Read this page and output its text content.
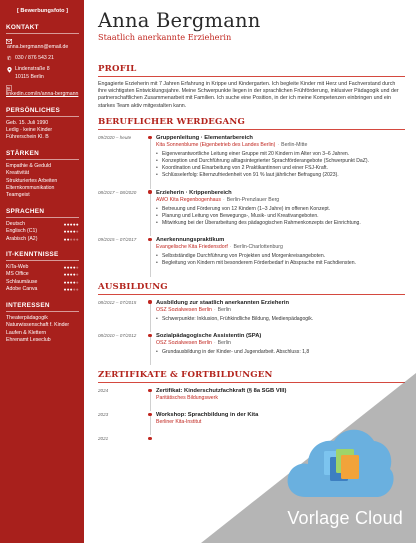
[ Bewerbungsfoto ]
KONTAKT
anna.bergmann@email.de
✆ 030 / 876 543 21
Lindenstraße 8
10115 Berlin
in
linkedin.com/in/anna-bergmann
PERSÖNLICHES
Geb. 15. Juli 1990
Ledig · keine Kinder
Führerschein Kl. B
STÄRKEN
Empathie & Geduld
Kreativität
Strukturiertes Arbeiten
Elternkommunikation
Teamgeist
SPRACHEN
Deutsch	●●●●●
Englisch (C1)	●●●●●
Arabisch (A2)	●●●●●
IT-KENNTNISSE
KiTa-Web	●●●●●
MS Office	●●●●●
Schlaumäuse	●●●●●
Adobe Canva	●●●●●
INTERESSEN
Theaterpädagogik
Naturwissenschaft f. Kinder
Laufen & Klettern
Ehrenamt Leseclub
Anna Bergmann
Staatlich anerkannte Erzieherin
PROFIL
Engagierte Erzieherin mit 7 Jahren Erfahrung in Krippe und Kindergarten. Ich begleite Kinder mit Herz und Fachverstand durch ihre wichtigsten Entwicklungsjahre. Meine Schwerpunkte liegen in der sprachlichen Frühförderung, inklusiver Pädagogik und der partnerschaftlichen Zusammenarbeit mit Familien. Ich suche eine Position, in der ich meine Kompetenzen einbringen und ein starkes Team aktiv mitgestalten kann.
BERUFLICHER WERDEGANG
09/2020 – heute	Gruppenleitung · Elementarbereich
Kita Sonnenblume (Eigenbetrieb des Landes Berlin) · Berlin-Mitte
• Eigenverantwortliche Leitung einer Gruppe mit 20 Kindern im Alter von 3–6 Jahren.
• Konzeption und Durchführung alltagsintegrierter Sprachförderangebote (Schwerpunkt DaZ).
• Koordination und Einarbeitung von 2 Praktikantinnen und einer FSJ-Kraft.
• Schlüsselerfolg: Elternzufriedenheit von 91 % laut jährlicher Befragung (2023).
08/2017 – 08/2020	Erzieherin · Krippenbereich
AWO Kita Regenbogenhaus · Berlin-Prenzlauer Berg
• Betreuung und Förderung von 12 Kindern (1–3 Jahre) im offenen Konzept.
• Planung und Leitung von Bewegungs-, Musik- und Kreativangeboten.
• Mitwirkung bei der Überarbeitung des pädagogischen Rahmenkonzepts der Einrichtung.
09/2015 – 07/2017	Anerkennungspraktikum
Evangelische Kita Friedensdorf · Berlin-Charlottenburg
• Selbstständige Durchführung von Projekten und Morgenkreisangeboten.
• Begleitung von Kindern mit besonderem Förderbedarf in Absprache mit Fachdiensten.
AUSBILDUNG
08/2012 – 07/2015	Ausbildung zur staatlich anerkannten Erzieherin
OSZ Sozialwesen Berlin · Berlin
• Schwerpunkte: Inklusion, Frühkindliche Bildung, Medienpädagogik.
08/2010 – 07/2012	Sozialpädagogische Assistentin (SPA)
OSZ Sozialwesen Berlin · Berlin
• Grundausbildung in der Kinder- und Jugendarbeit. Abschluss: 1,8
ZERTIFIKATE & FORTBILDUNGEN
2024	Zertifikat: Kinderschutzfachkraft (§ 8a SGB VIII)
Paritätisches Bildungswerk
2023	Workshop: Sprachbildung in der Kita
Berliner Kita-Institut
2021
Vorlage Cloud
